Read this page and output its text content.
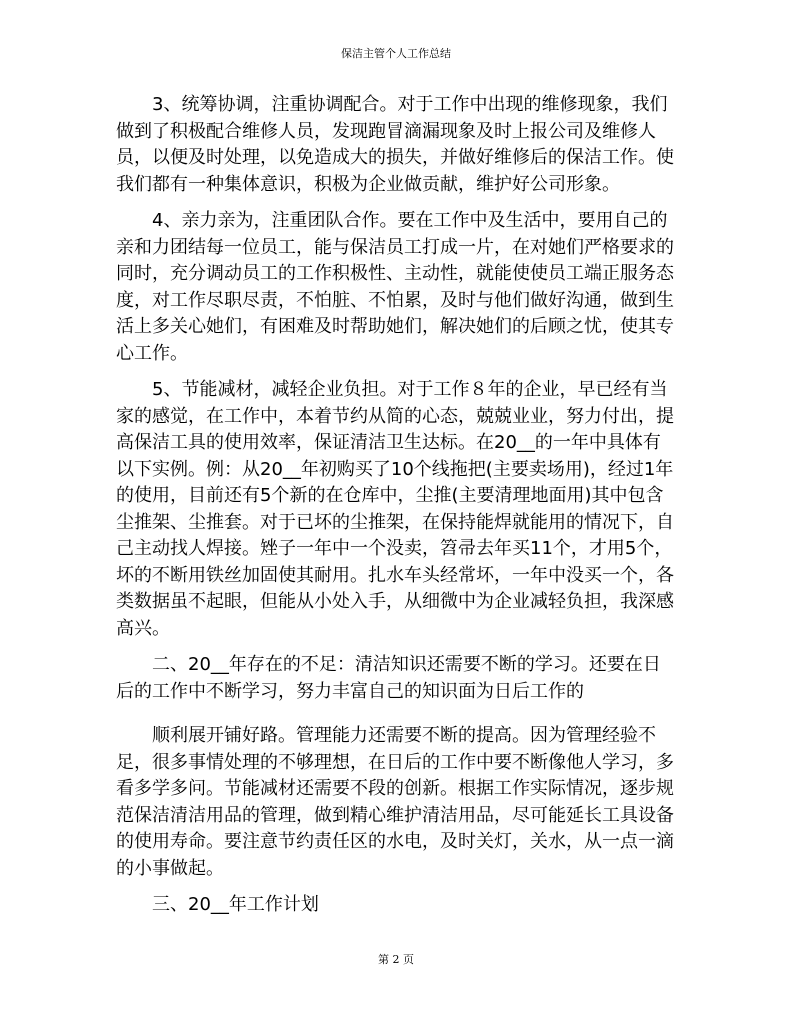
保洁主管个人工作总结

3、统筹协调，注重协调配合。对于工作中出现的维修现象，我们做到了积极配合维修人员，发现跑冒滴漏现象及时上报公司及维修人员，以便及时处理，以免造成大的损失，并做好维修后的保洁工作。使我们都有一种集体意识，积极为企业做贡献，维护好公司形象。

4、亲力亲为，注重团队合作。要在工作中及生活中，要用自己的亲和力团结每一位员工，能与保洁员工打成一片，在对她们严格要求的同时，充分调动员工的工作积极性、主动性，就能使使员工端正服务态度，对工作尽职尽责，不怕脏、不怕累，及时与他们做好沟通，做到生活上多关心她们，有困难及时帮助她们，解决她们的后顾之忧，使其专心工作。

5、节能减材，减轻企业负担。对于工作８年的企业，早已经有当家的感觉，在工作中，本着节约从简的心态，兢兢业业，努力付出，提高保洁工具的使用效率，保证清洁卫生达标。在20__的一年中具体有以下实例。例：从20__年初购买了10个线拖把(主要卖场用)，经过1年的使用，目前还有5个新的在仓库中，尘推(主要清理地面用)其中包含尘推架、尘推套。对于已坏的尘推架，在保持能焊就能用的情况下，自己主动找人焊接。矬子一年中一个没卖，笤帚去年买11个，才用5个，坏的不断用铁丝加固使其耐用。扎水车头经常坏，一年中没买一个，各类数据虽不起眼，但能从小处入手，从细微中为企业减轻负担，我深感高兴。

二、20__年存在的不足：清洁知识还需要不断的学习。还要在日后的工作中不断学习，努力丰富自己的知识面为日后工作的

顺利展开铺好路。管理能力还需要不断的提高。因为管理经验不足，很多事情处理的不够理想，在日后的工作中要不断像他人学习，多看多学多问。节能减材还需要不段的创新。根据工作实际情况，逐步规范保洁清洁用品的管理，做到精心维护清洁用品，尽可能延长工具设备的使用寿命。要注意节约责任区的水电，及时关灯，关水，从一点一滴的小事做起。

三、20__年工作计划

第 2 页
